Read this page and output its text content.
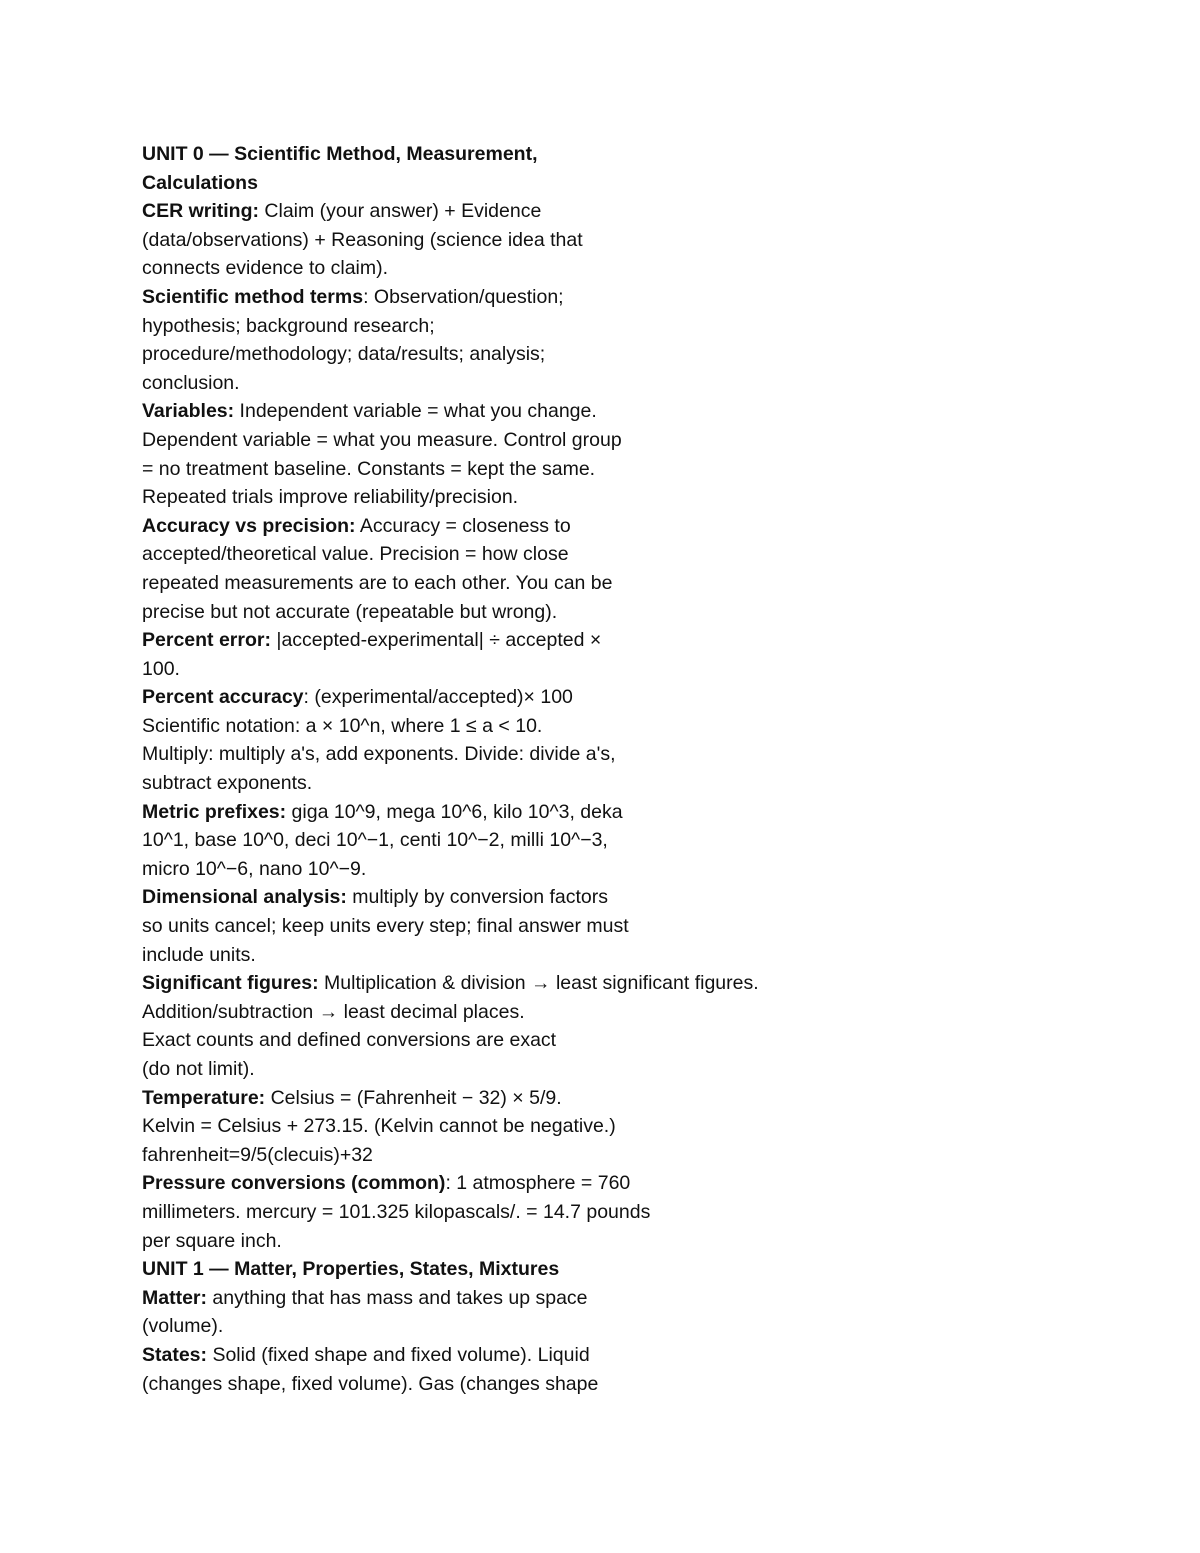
UNIT 0 — Scientific Method, Measurement,
Calculations
CER writing: Claim (your answer) + Evidence
(data/observations) + Reasoning (science idea that
connects evidence to claim).
Scientific method terms: Observation/question;
hypothesis; background research;
procedure/methodology; data/results; analysis;
conclusion.
Variables: Independent variable = what you change.
Dependent variable = what you measure. Control group
= no treatment baseline. Constants = kept the same.
Repeated trials improve reliability/precision.
Accuracy vs precision: Accuracy = closeness to
accepted/theoretical value. Precision = how close
repeated measurements are to each other. You can be
precise but not accurate (repeatable but wrong).
Percent error: |accepted-experimental| ÷ accepted ×
100.
Percent accuracy: (experimental/accepted)× 100
Scientific notation: a × 10^n, where 1 ≤ a < 10.
Multiply: multiply a's, add exponents. Divide: divide a's,
subtract exponents.
Metric prefixes: giga 10^9, mega 10^6, kilo 10^3, deka
10^1, base 10^0, deci 10^−1, centi 10^−2, milli 10^−3,
micro 10^−6, nano 10^−9.
Dimensional analysis: multiply by conversion factors
so units cancel; keep units every step; final answer must
include units.
Significant figures: Multiplication & division → least significant figures.
Addition/subtraction → least decimal places.
Exact counts and defined conversions are exact
(do not limit).
Temperature: Celsius = (Fahrenheit − 32) × 5/9.
Kelvin = Celsius + 273.15. (Kelvin cannot be negative.)
fahrenheit=9/5(clecuis)+32
Pressure conversions (common): 1 atmosphere = 760
millimeters. mercury = 101.325 kilopascals/. = 14.7 pounds
per square inch.
UNIT 1 — Matter, Properties, States, Mixtures
Matter: anything that has mass and takes up space
(volume).
States: Solid (fixed shape and fixed volume). Liquid
(changes shape, fixed volume). Gas (changes shape
